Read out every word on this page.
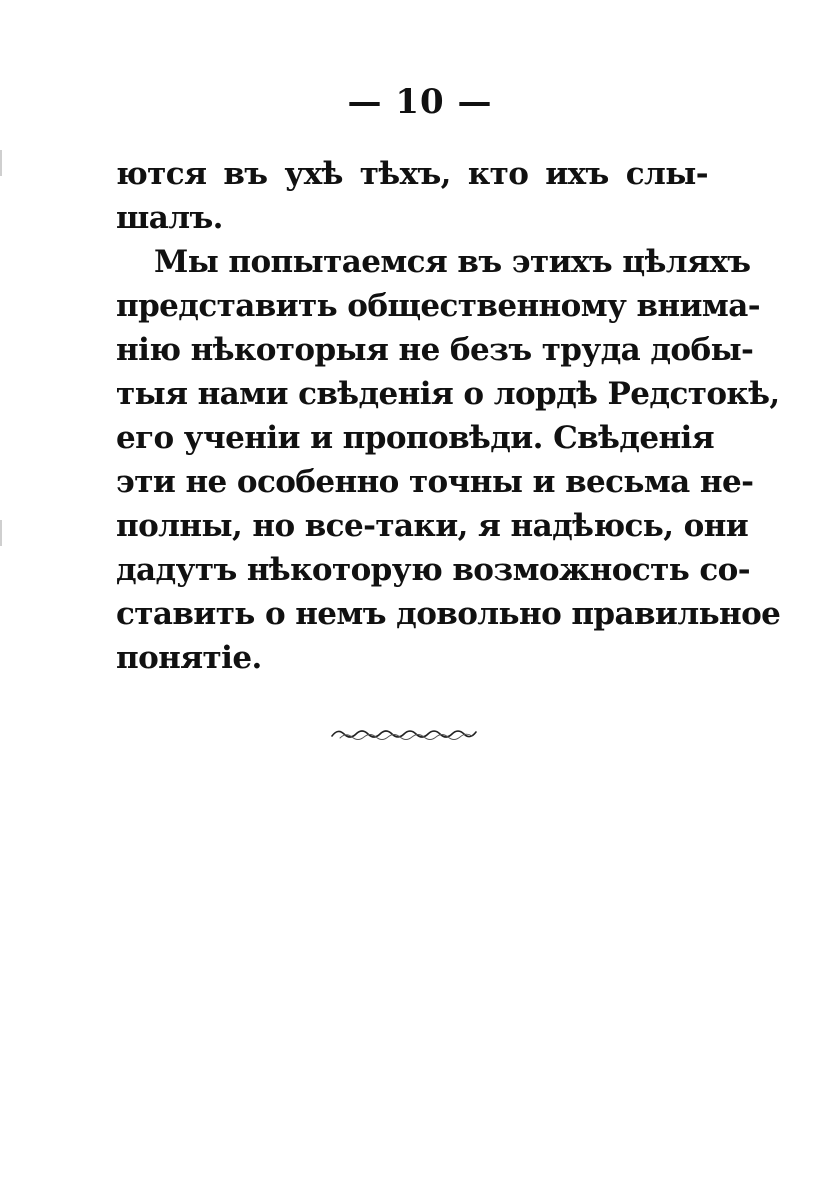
— 10 —
ются въ ухѣ тѣхъ, кто ихъ слы-
шалъ.
Мы попытаемся въ этихъ цѣляхъ
представить общественному внима-
нію нѣкоторыя не безъ труда добы-
тыя нами свѣденія о лордѣ Редстокѣ,
его ученіи и проповѣди. Свѣденія
эти не особенно точны и весьма не-
полны, но все-таки, я надѣюсь, они
дадутъ нѣкоторую возможность со-
ставить о немъ довольно правильное
понятіе.
